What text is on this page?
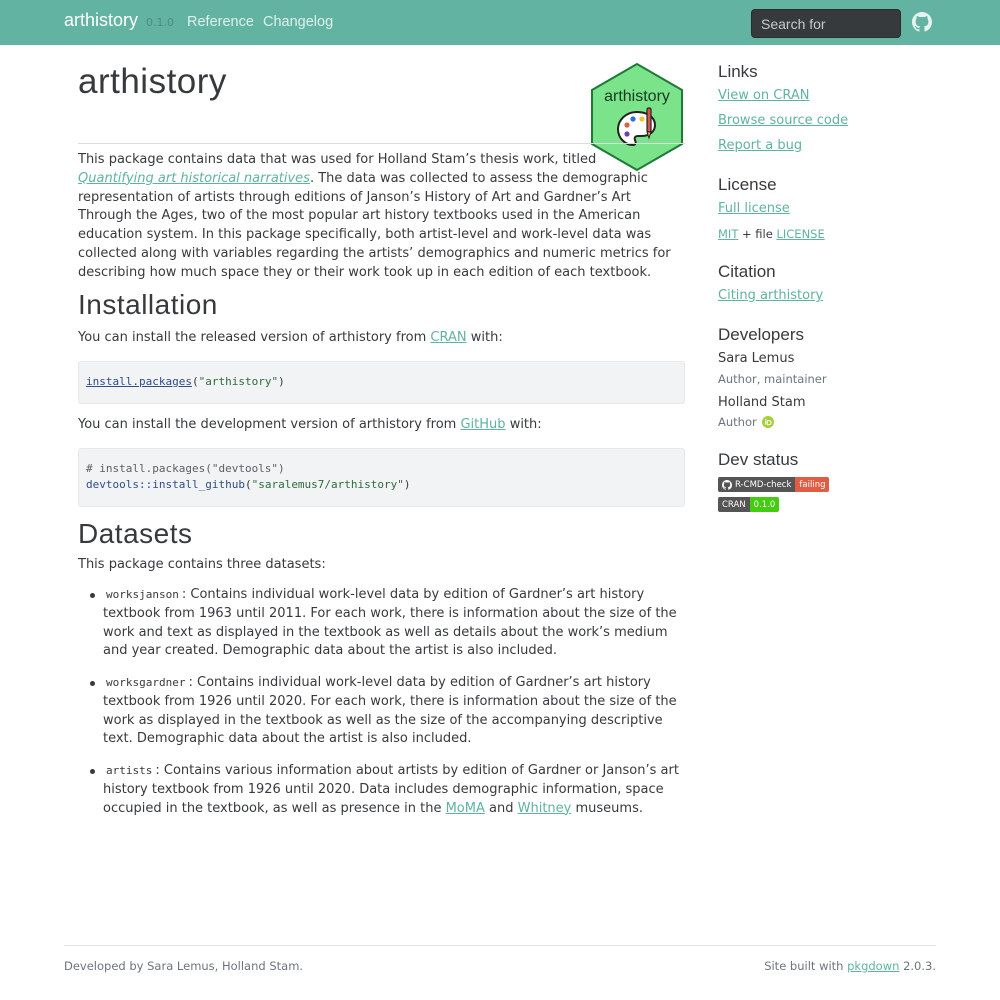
arthistory 0.1.0 Reference Changelog
Search for
arthistory	arthistory

This package contains data that was used for Holland Stam’s thesis work, titled
Quantifying art historical narratives. The data was collected to assess the demographic representation of artists through editions of Janson’s History of Art and Gardner’s Art Through the Ages, two of the most popular art history textbooks used in the American education system. In this package specifically, both artist-level and work-level data was collected along with variables regarding the artists’ demographics and numeric metrics for describing how much space they or their work took up in each edition of each textbook.

Installation

You can install the released version of arthistory from CRAN with:

install.packages("arthistory")

You can install the development version of arthistory from GitHub with:

# install.packages("devtools")
devtools::install_github("saralemus7/arthistory")
Datasets

This package contains three datasets:

worksjanson : Contains individual work-level data by edition of Gardner’s art history textbook from 1963 until 2011. For each work, there is information about the size of the work and text as displayed in the textbook as well as details about the work’s medium and year created. Demographic data about the artist is also included.
worksgardner : Contains individual work-level data by edition of Gardner’s art history textbook from 1926 until 2020. For each work, there is information about the size of the work as displayed in the textbook as well as the size of the accompanying descriptive text. Demographic data about the artist is also included.
artists : Contains various information about artists by edition of Gardner or Janson’s art history textbook from 1926 until 2020. Data includes demographic information, space occupied in the textbook, as well as presence in the MoMA and Whitney museums.
Links
View on CRAN
Browse source code
Report a bug
License
Full license
MIT + file LICENSE
Citation
Citing arthistory
Developers
Sara Lemus
Author, maintainer
Holland Stam
Author
Dev status
R-CMD-check failing
CRAN 0.1.0
Developed by Sara Lemus, Holland Stam.	Site built with pkgdown 2.0.3.
